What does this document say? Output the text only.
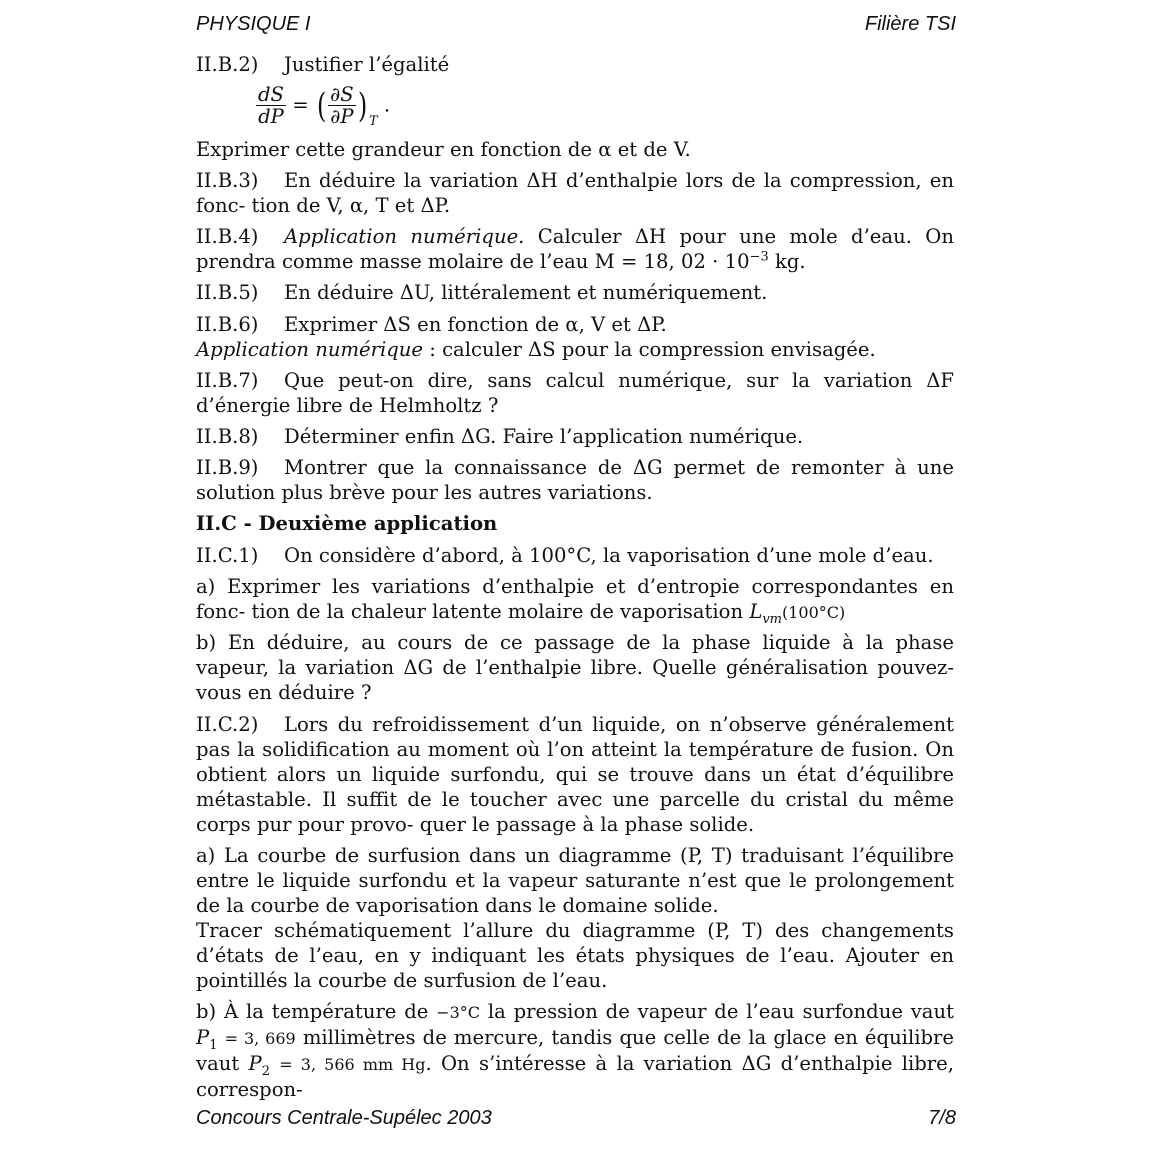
PHYSIQUE I	Filière TSI
II.B.2) Justifier l’égalité
$\frac{dS}{dP}$ = ( $\frac{\partial S}{\partial P}$ ) $_T$ .
Exprimer cette grandeur en fonction de α et de V.
II.B.3) En déduire la variation ΔH d’enthalpie lors de la compression, en fonc- tion de V, α, T et ΔP.
II.B.4) Application numérique. Calculer ΔH pour une mole d’eau. On prendra comme masse molaire de l’eau M = 18, $02 \cdot 10^{-3}$ kg.
II.B.5) En déduire ΔU, littéralement et numériquement.
II.B.6) Exprimer ΔS en fonction de α, V et ΔP.
Application numérique : calculer ΔS pour la compression envisagée.
II.B.7) Que peut-on dire, sans calcul numérique, sur la variation ΔF d’énergie libre de Helmholtz ?
II.B.8) Déterminer enfin ΔG. Faire l’application numérique.
II.B.9) Montrer que la connaissance de ΔG permet de remonter à une solution plus brève pour les autres variations.
II.C - Deuxième application
II.C.1) On considère d’abord, à 100°C, la vaporisation d’une mole d’eau.
a) Exprimer les variations d’enthalpie et d’entropie correspondantes en fonc- tion de la chaleur latente molaire de vaporisation $L_{vm}(100^\circ C)$
b) En déduire, au cours de ce passage de la phase liquide à la phase vapeur, la variation ΔG de l’enthalpie libre. Quelle généralisation pouvez-vous en déduire ?
II.C.2) Lors du refroidissement d’un liquide, on n’observe généralement pas la solidification au moment où l’on atteint la température de fusion. On obtient alors un liquide surfondu, qui se trouve dans un état d’équilibre métastable. Il suffit de le toucher avec une parcelle du cristal du même corps pur pour provo- quer le passage à la phase solide.
a) La courbe de surfusion dans un diagramme (P, T) traduisant l’équilibre entre le liquide surfondu et la vapeur saturante n’est que le prolongement de la courbe de vaporisation dans le domaine solide.
Tracer schématiquement l’allure du diagramme (P, T) des changements d’états de l’eau, en y indiquant les états physiques de l’eau. Ajouter en pointillés la courbe de surfusion de l’eau.
b) À la température de −3°C la pression de vapeur de l’eau surfondue vaut $P_1 = 3$, 669 millimètres de mercure, tandis que celle de la glace en équilibre vaut $P_2 = 3$, 566 mm Hg. On s’intéresse à la variation ΔG d’enthalpie libre, correspon-
Concours Centrale-Supélec 2003	7/8
